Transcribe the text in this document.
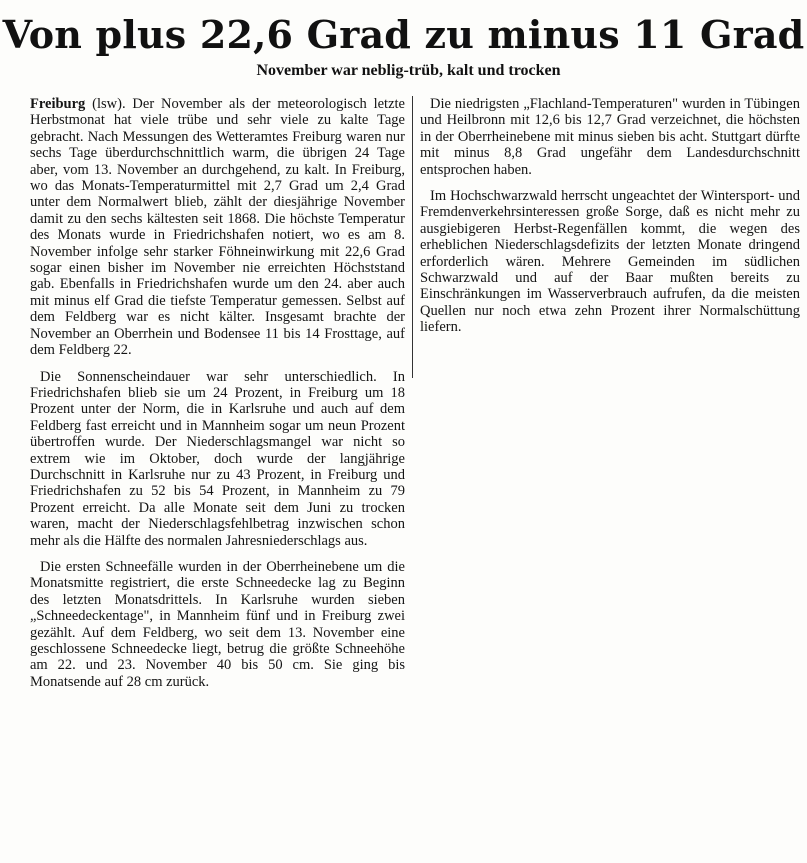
Von plus 22,6 Grad zu minus 11 Grad
November war neblig-trüb, kalt und trocken

Freiburg (lsw). Der November als der meteorologisch letzte Herbstmonat hat viele trübe und sehr viele zu kalte Tage gebracht. Nach Messungen des Wetteramtes Freiburg waren nur sechs Tage überdurchschnittlich warm, die übrigen 24 Tage aber, vom 13. November an durchgehend, zu kalt. In Freiburg, wo das Monats-Temperaturmittel mit 2,7 Grad um 2,4 Grad unter dem Normalwert blieb, zählt der diesjährige November damit zu den sechs kältesten seit 1868. Die höchste Temperatur des Monats wurde in Friedrichshafen notiert, wo es am 8. November infolge sehr starker Föhneinwirkung mit 22,6 Grad sogar einen bisher im November nie erreichten Höchststand gab. Ebenfalls in Friedrichshafen wurde um den 24. aber auch mit minus elf Grad die tiefste Temperatur gemessen. Selbst auf dem Feldberg war es nicht kälter. Insgesamt brachte der November an Oberrhein und Bodensee 11 bis 14 Frosttage, auf dem Feldberg 22.

Die Sonnenscheindauer war sehr unterschiedlich. In Friedrichshafen blieb sie um 24 Prozent, in Freiburg um 18 Prozent unter der Norm, die in Karlsruhe und auch auf dem Feldberg fast erreicht und in Mannheim sogar um neun Prozent übertroffen wurde. Der Niederschlagsmangel war nicht so extrem wie im Oktober, doch wurde der langjährige Durchschnitt in Karlsruhe nur zu 43 Prozent, in Freiburg und Friedrichshafen zu 52 bis 54 Prozent, in Mannheim zu 79 Prozent erreicht. Da alle Monate seit dem Juni zu trocken waren, macht der Niederschlagsfehlbetrag inzwischen schon mehr als die Hälfte des normalen Jahresniederschlags aus.

Die ersten Schneefälle wurden in der Oberrheinebene um die Monatsmitte registriert, die erste Schneedecke lag zu Beginn des letzten Monatsdrittels. In Karlsruhe wurden sieben „Schneedeckentage", in Mannheim fünf und in Freiburg zwei gezählt. Auf dem Feldberg, wo seit dem 13. November eine geschlossene Schneedecke liegt, betrug die größte Schneehöhe am 22. und 23. November 40 bis 50 cm. Sie ging bis Monatsende auf 28 cm zurück.

Die niedrigsten „Flachland-Temperaturen" wurden in Tübingen und Heilbronn mit 12,6 bis 12,7 Grad verzeichnet, die höchsten in der Oberrheinebene mit minus sieben bis acht. Stuttgart dürfte mit minus 8,8 Grad ungefähr dem Landesdurchschnitt entsprochen haben.

Im Hochschwarzwald herrscht ungeachtet der Wintersport- und Fremdenverkehrsinteressen große Sorge, daß es nicht mehr zu ausgiebigeren Herbst-Regenfällen kommt, die wegen des erheblichen Niederschlagsdefizits der letzten Monate dringend erforderlich wären. Mehrere Gemeinden im südlichen Schwarzwald und auf der Baar mußten bereits zu Einschränkungen im Wasserverbrauch aufrufen, da die meisten Quellen nur noch etwa zehn Prozent ihrer Normalschüttung liefern.
